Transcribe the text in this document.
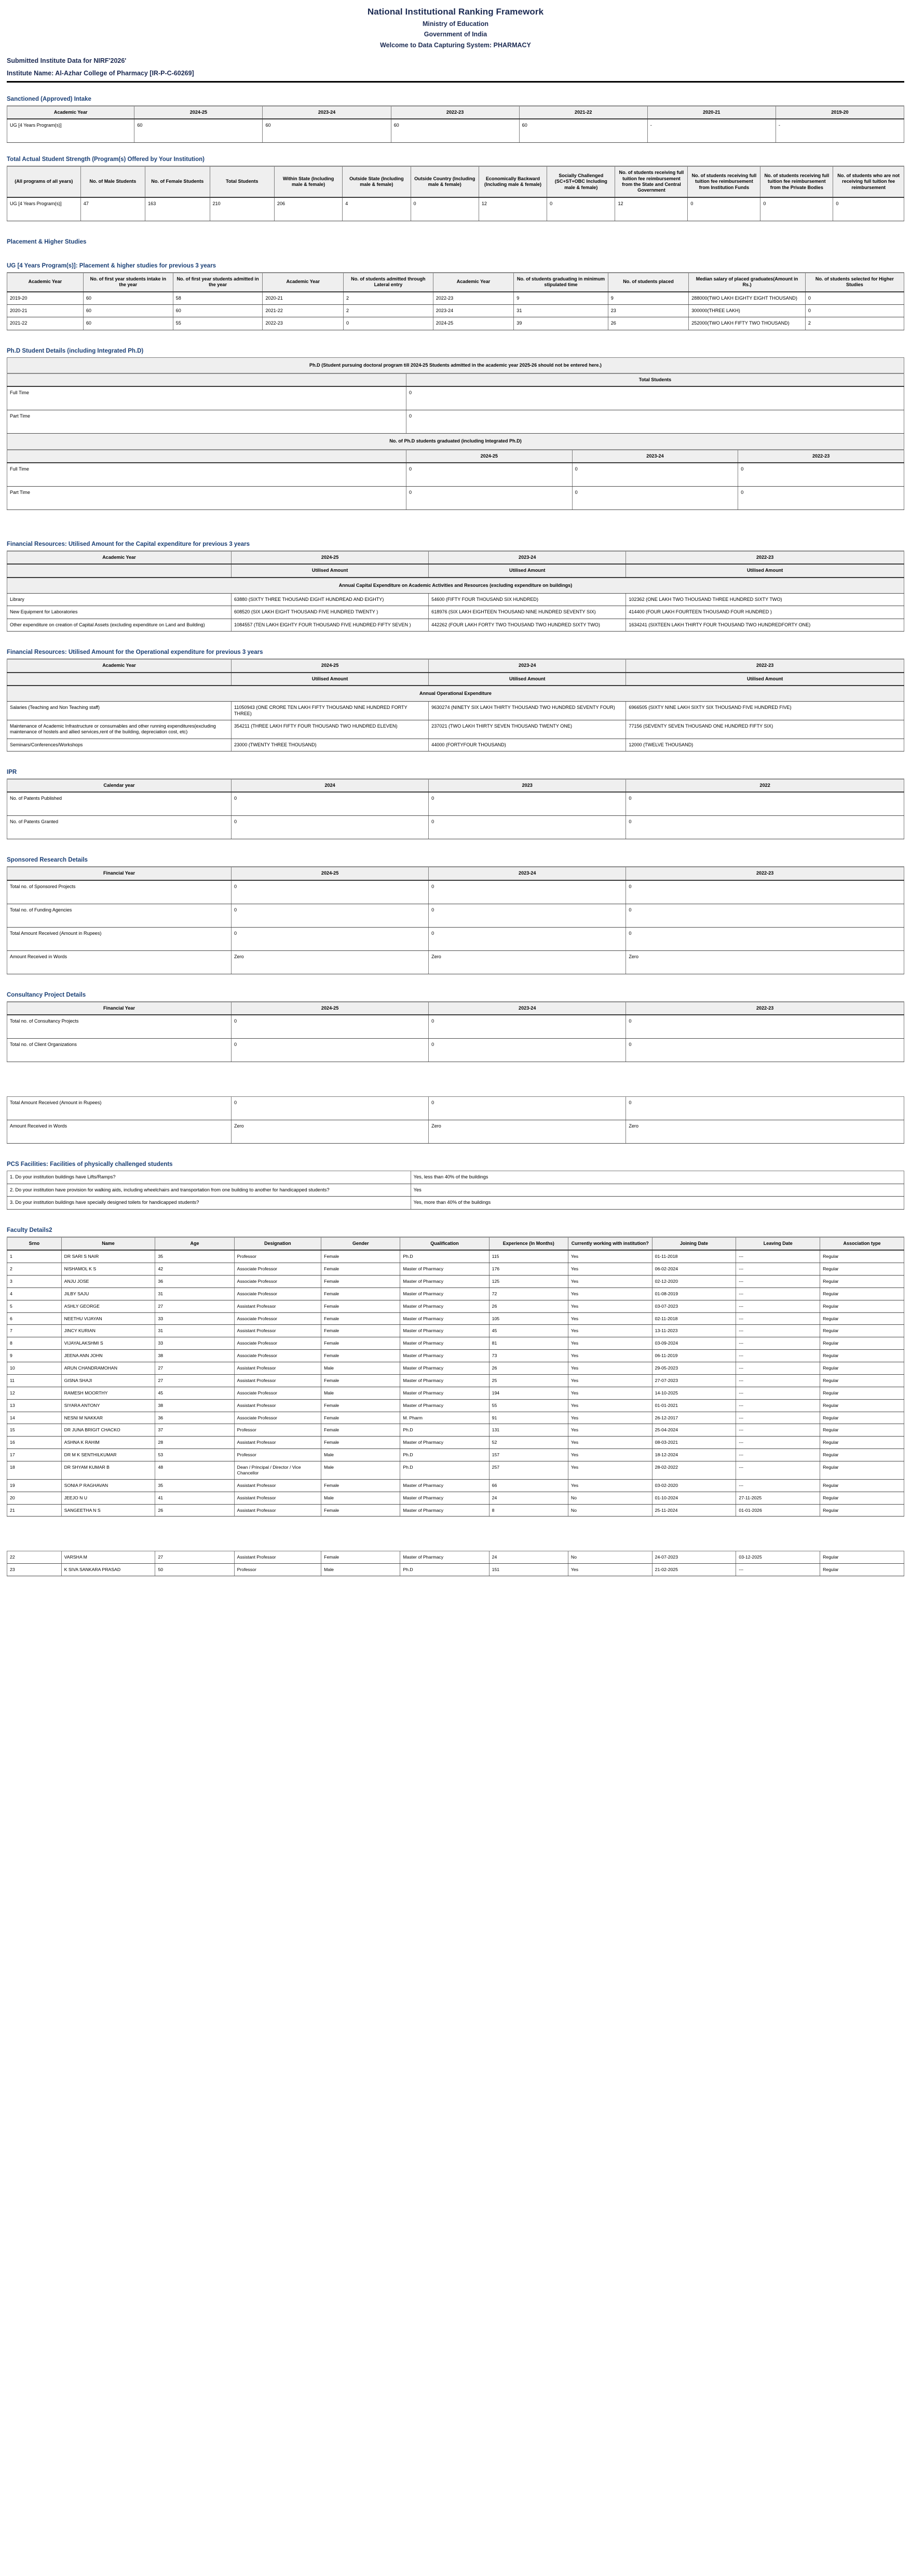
National Institutional Ranking Framework
Ministry of Education
Government of India
Welcome to Data Capturing System: PHARMACY
Submitted Institute Data for NIRF'2026'
Institute Name: Al-Azhar College of Pharmacy [IR-P-C-60269]
Sanctioned (Approved) Intake
Academic Year	2024-25	2023-24	2022-23	2021-22	2020-21	2019-20
UG [4 Years Program(s)]	60	60	60	60	-	-
Total Actual Student Strength (Program(s) Offered by Your Institution)
(All programs of all years)	No. of Male Students	No. of Female Students	Total Students	Within State (Including male & female)	Outside State (Including male & female)	Outside Country (Including male & female)	Economically Backward (Including male & female)	Socially Challenged (SC+ST+OBC Including male & female)	No. of students receiving full tuition fee reimbursement from the State and Central Government	No. of students receiving full tuition fee reimbursement from Institution Funds	No. of students receiving full tuition fee reimbursement from the Private Bodies	No. of students who are not receiving full tuition fee reimbursement
UG [4 Years Program(s)]	47	163	210	206	4	0	12	0	12	0	0	0
Placement & Higher Studies
UG [4 Years Program(s)]: Placement & higher studies for previous 3 years
Academic Year	No. of first year students intake in the year	No. of first year students admitted in the year	Academic Year	No. of students admitted through Lateral entry	Academic Year	No. of students graduating in minimum stipulated time	No. of students placed	Median salary of placed graduates(Amount in Rs.)	No. of students selected for Higher Studies
2019-20	60	58	2020-21	2	2022-23	9	9	288000(TWO LAKH EIGHTY EIGHT THOUSAND)	0
2020-21	60	60	2021-22	2	2023-24	31	23	300000(THREE LAKH)	0
2021-22	60	55	2022-23	0	2024-25	39	26	252000(TWO LAKH FIFTY TWO THOUSAND)	2
Ph.D Student Details (including Integrated Ph.D)
Ph.D (Student pursuing doctoral program till 2024-25 Students admitted in the academic year 2025-26 should not be entered here.)			
	Total Students		
Full Time	0		
Part Time	0		
No. of Ph.D students graduated (including Integrated Ph.D)			
	2024-25	2023-24	2022-23
Full Time	0	0	0
Part Time	0	0	0
Financial Resources: Utilised Amount for the Capital expenditure for previous 3 years
Academic Year	2024-25	2023-24	2022-23
	Utilised Amount	Utilised Amount	Utilised Amount
Annual Capital Expenditure on Academic Activities and Resources (excluding expenditure on buildings)			
Library	63880 (SIXTY THREE THOUSAND EIGHT HUNDREAD AND EIGHTY)	54600 (FIFTY FOUR THOUSAND SIX HUNDRED)	102362 (ONE LAKH TWO THOUSAND THREE HUNDRED SIXTY TWO)
New Equipment for Laboratories	608520 (SIX LAKH EIGHT THOUSAND FIVE HUNDRED TWENTY )	618976 (SIX LAKH EIGHTEEN THOUSAND NINE HUNDRED SEVENTY SIX)	414400 (FOUR LAKH FOURTEEN THOUSAND FOUR HUNDRED )
Other expenditure on creation of Capital Assets (excluding expenditure on Land and Building)	1084557 (TEN LAKH EIGHTY FOUR THOUSAND FIVE HUNDRED FIFTY SEVEN )	442262 (FOUR LAKH FORTY TWO THOUSAND TWO HUNDRED SIXTY TWO)	1634241 (SIXTEEN LAKH THIRTY FOUR THOUSAND TWO HUNDREDFORTY ONE)
Financial Resources: Utilised Amount for the Operational expenditure for previous 3 years
Academic Year	2024-25	2023-24	2022-23
	Utilised Amount	Utilised Amount	Utilised Amount
Annual Operational Expenditure			
Salaries (Teaching and Non Teaching staff)	11050943 (ONE CRORE TEN LAKH FIFTY THOUSAND NINE HUNDRED FORTY THREE)	9630274 (NINETY SIX LAKH THIRTY THOUSAND TWO HUNDRED SEVENTY FOUR)	6966505 (SIXTY NINE LAKH SIXTY SIX THOUSAND FIVE HUNDRED FIVE)
Maintenance of Academic Infrastructure or consumables and other running expenditures(excluding maintenance of hostels and allied services,rent of the building, depreciation cost, etc)	354211 (THREE LAKH FIFTY FOUR THOUSAND TWO HUNDRED ELEVEN)	237021 (TWO LAKH THIRTY SEVEN THOUSAND TWENTY ONE)	77156 (SEVENTY SEVEN THOUSAND ONE HUNDRED FIFTY SIX)
Seminars/Conferences/Workshops	23000 (TWENTY THREE THOUSAND)	44000 (FORTYFOUR THOUSAND)	12000 (TWELVE THOUSAND)
IPR
Calendar year	2024	2023	2022
No. of Patents Published	0	0	0
No. of Patents Granted	0	0	0
Sponsored Research Details
Financial Year	2024-25	2023-24	2022-23
Total no. of Sponsored Projects	0	0	0
Total no. of Funding Agencies	0	0	0
Total Amount Received (Amount in Rupees)	0	0	0
Amount Received in Words	Zero	Zero	Zero
Consultancy Project Details
Financial Year	2024-25	2023-24	2022-23
Total no. of Consultancy Projects	0	0	0
Total no. of Client Organizations	0	0	0
Total Amount Received (Amount in Rupees)	0	0	0
Amount Received in Words	Zero	Zero	Zero
PCS Facilities: Facilities of physically challenged students
1. Do your institution buildings have Lifts/Ramps?	Yes, less than 40% of the buildings
2. Do your institution have provision for walking aids, including wheelchairs and transportation from one building to another for handicapped students?	Yes
3. Do your institution buildings have specially designed toilets for handicapped students?	Yes, more than 40% of the buildings
Faculty Details2
Srno	Name	Age	Designation	Gender	Qualification	Experience (In Months)	Currently working with institution?	Joining Date	Leaving Date	Association type
1	DR SARI S NAIR	35	Professor	Female	Ph.D	115	Yes	01-11-2018	---	Regular
2	NISHAMOL K S	42	Associate Professor	Female	Master of Pharmacy	176	Yes	06-02-2024	---	Regular
3	ANJU JOSE	36	Associate Professor	Female	Master of Pharmacy	125	Yes	02-12-2020	---	Regular
4	JILBY SAJU	31	Associate Professor	Female	Master of Pharmacy	72	Yes	01-08-2019	---	Regular
5	ASHLY GEORGE	27	Assistant Professor	Female	Master of Pharmacy	26	Yes	03-07-2023	---	Regular
6	NEETHU VIJAYAN	33	Associate Professor	Female	Master of Pharmacy	105	Yes	02-11-2018	---	Regular
7	JINCY KURIAN	31	Assistant Professor	Female	Master of Pharmacy	45	Yes	13-11-2023	---	Regular
8	VIJAYALAKSHMI S	33	Associate Professor	Female	Master of Pharmacy	81	Yes	03-09-2024	---	Regular
9	JEENA ANN JOHN	38	Associate Professor	Female	Master of Pharmacy	73	Yes	06-11-2019	---	Regular
10	ARUN CHANDRAMOHAN	27	Assistant Professor	Male	Master of Pharmacy	26	Yes	29-05-2023	---	Regular
11	GISNA SHAJI	27	Assistant Professor	Female	Master of Pharmacy	25	Yes	27-07-2023	---	Regular
12	RAMESH MOORTHY	45	Associate Professor	Male	Master of Pharmacy	194	Yes	14-10-2025	---	Regular
13	SIYARA ANTONY	38	Assistant Professor	Female	Master of Pharmacy	55	Yes	01-01-2021	---	Regular
14	NESNI M NAKKAR	36	Associate Professor	Female	M. Pharm	91	Yes	26-12-2017	---	Regular
15	DR JUNA BRIGIT CHACKO	37	Professor	Female	Ph.D	131	Yes	25-04-2024	---	Regular
16	ASHNA K RAHIM	28	Assistant Professor	Female	Master of Pharmacy	52	Yes	08-03-2021	---	Regular
17	DR M K SENTHILKUMAR	53	Professor	Male	Ph.D	157	Yes	18-12-2024	---	Regular
18	DR SHYAM KUMAR B	48	Dean / Principal / Director / Vice Chancellor	Male	Ph.D	257	Yes	28-02-2022	---	Regular
19	SONIA P RAGHAVAN	35	Assistant Professor	Female	Master of Pharmacy	66	Yes	03-02-2020	---	Regular
20	JEEJO N U	41	Assistant Professor	Male	Master of Pharmacy	24	No	01-10-2024	27-11-2025	Regular
21	SANGEETHA N S	26	Assistant Professor	Female	Master of Pharmacy	8	No	25-11-2024	01-01-2026	Regular
22	VARSHA M	27	Assistant Professor	Female	Master of Pharmacy	24	No	24-07-2023	03-12-2025	Regular
23	K SIVA SANKARA PRASAD	50	Professor	Male	Ph.D	151	Yes	21-02-2025	---	Regular
